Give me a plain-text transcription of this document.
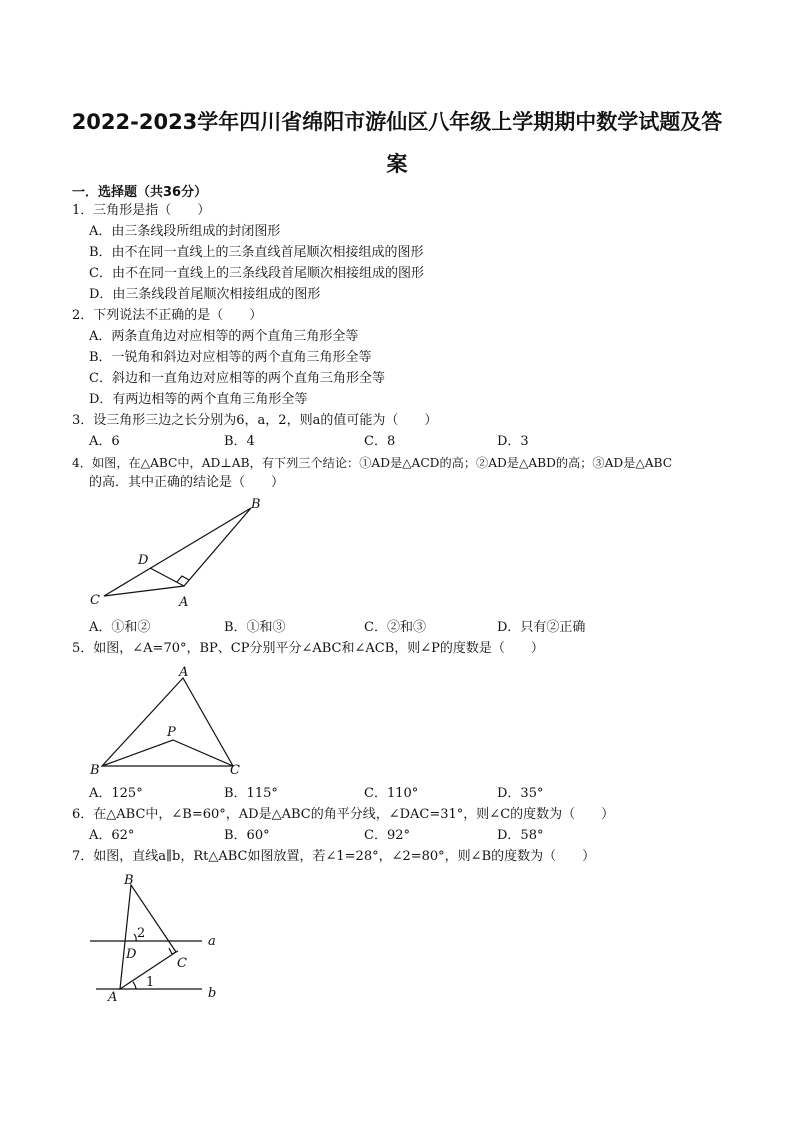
2022-2023学年四川省绵阳市游仙区八年级上学期期中数学试题及答
案
一．选择题（共36分）
1．三角形是指（　　）
A．由三条线段所组成的封闭图形
B．由不在同一直线上的三条直线首尾顺次相接组成的图形
C．由不在同一直线上的三条线段首尾顺次相接组成的图形
D．由三条线段首尾顺次相接组成的图形
2．下列说法不正确的是（　　）
A．两条直角边对应相等的两个直角三角形全等
B．一锐角和斜边对应相等的两个直角三角形全等
C．斜边和一直角边对应相等的两个直角三角形全等
D．有两边相等的两个直角三角形全等
3．设三角形三边之长分别为6，a，2，则a的值可能为（　　）
A．6	B．4	C．8	D．3
4．如图，在△ABC中，AD⊥AB，有下列三个结论：①AD是△ACD的高；②AD是△ABD的高；③AD是△ABC
的高．其中正确的结论是（　　）
B
D
C	A
A．①和②	B．①和③	C．②和③	D．只有②正确
5．如图，∠A=70°，BP、CP分别平分∠ABC和∠ACB，则∠P的度数是（　　）
A
P
B	C
A．125°	B．115°	C．110°	D．35°
6．在△ABC中，∠B=60°，AD是△ABC的角平分线，∠DAC=31°，则∠C的度数为（　　）
A．62°	B．60°	C．92°	D．58°
7．如图，直线a∥b，Rt△ABC如图放置，若∠1=28°，∠2=80°，则∠B的度数为（　　）
B
2
a
D
C
1
A	b
